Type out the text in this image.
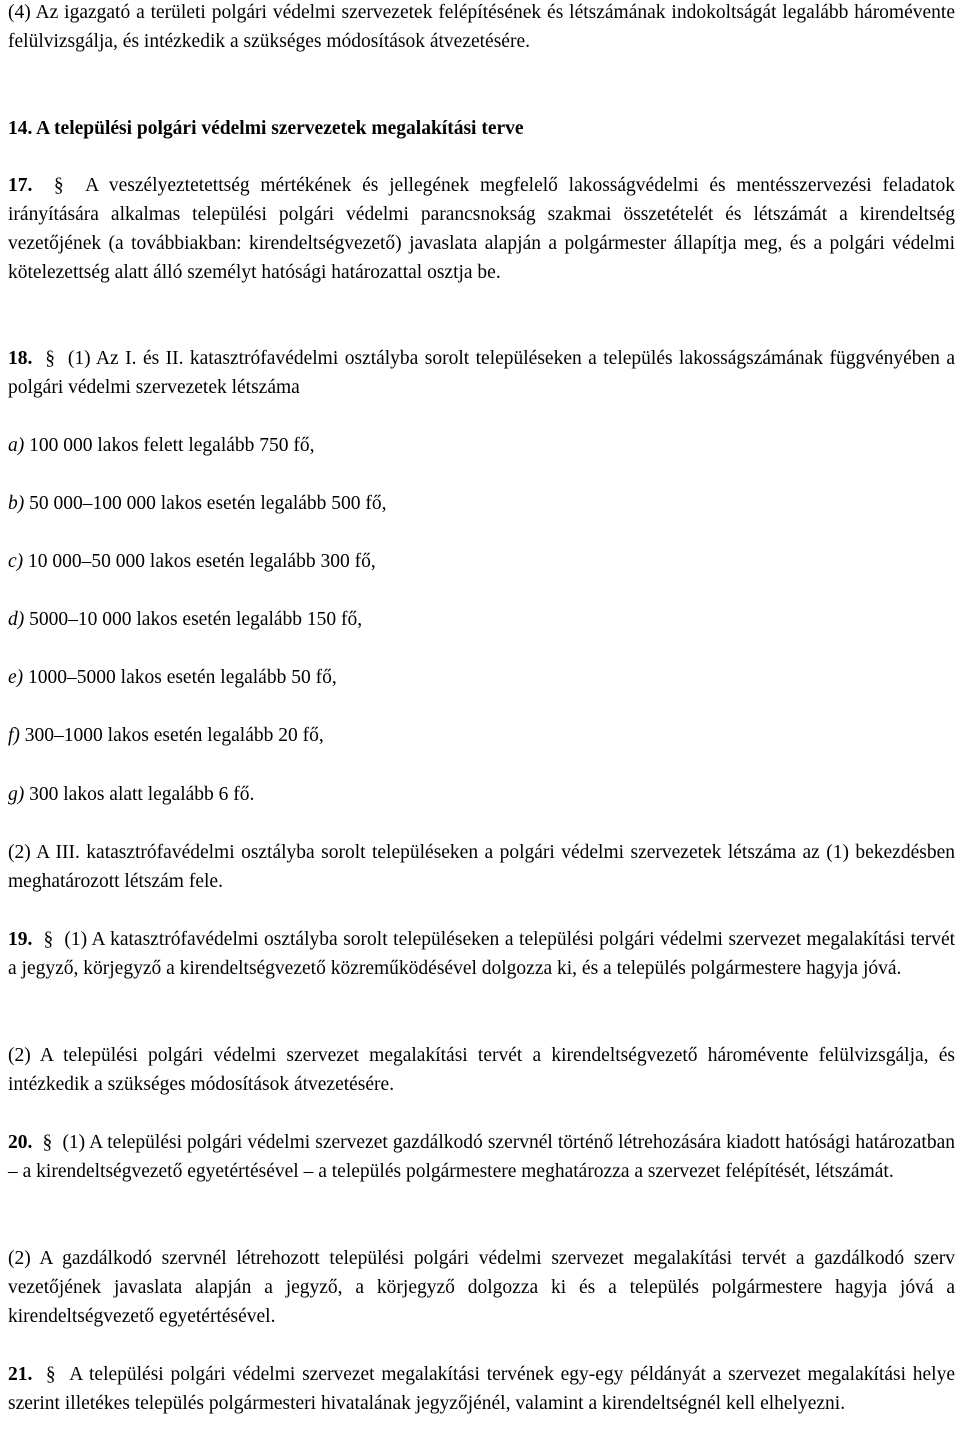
(4) Az igazgató a területi polgári védelmi szervezetek felépítésének és létszámának indokoltságát legalább háromévente felülvizsgálja, és intézkedik a szükséges módosítások átvezetésére.

14. A települési polgári védelmi szervezetek megalakítási terve

17. § A veszélyeztetettség mértékének és jellegének megfelelő lakosságvédelmi és mentésszervezési feladatok irányítására alkalmas települési polgári védelmi parancsnokság szakmai összetételét és létszámát a kirendeltség vezetőjének (a továbbiakban: kirendeltségvezető) javaslata alapján a polgármester állapítja meg, és a polgári védelmi kötelezettség alatt álló személyt hatósági határozattal osztja be.

18. § (1) Az I. és II. katasztrófavédelmi osztályba sorolt településeken a település lakosságszámának függvényében a polgári védelmi szervezetek létszáma

a) 100 000 lakos felett legalább 750 fő,

b) 50 000–100 000 lakos esetén legalább 500 fő,

c) 10 000–50 000 lakos esetén legalább 300 fő,

d) 5000–10 000 lakos esetén legalább 150 fő,

e) 1000–5000 lakos esetén legalább 50 fő,

f) 300–1000 lakos esetén legalább 20 fő,

g) 300 lakos alatt legalább 6 fő.

(2) A III. katasztrófavédelmi osztályba sorolt településeken a polgári védelmi szervezetek létszáma az (1) bekezdésben meghatározott létszám fele.

19. § (1) A katasztrófavédelmi osztályba sorolt településeken a települési polgári védelmi szervezet megalakítási tervét a jegyző, körjegyző a kirendeltségvezető közreműködésével dolgozza ki, és a település polgármestere hagyja jóvá.

(2) A települési polgári védelmi szervezet megalakítási tervét a kirendeltségvezető háromévente felülvizsgálja, és intézkedik a szükséges módosítások átvezetésére.

20. § (1) A települési polgári védelmi szervezet gazdálkodó szervnél történő létrehozására kiadott hatósági határozatban – a kirendeltségvezető egyetértésével – a település polgármestere meghatározza a szervezet felépítését, létszámát.

(2) A gazdálkodó szervnél létrehozott települési polgári védelmi szervezet megalakítási tervét a gazdálkodó szerv vezetőjének javaslata alapján a jegyző, a körjegyző dolgozza ki és a település polgármestere hagyja jóvá a kirendeltségvezető egyetértésével.

21. § A települési polgári védelmi szervezet megalakítási tervének egy-egy példányát a szervezet megalakítási helye szerint illetékes település polgármesteri hivatalának jegyzőjénél, valamint a kirendeltségnél kell elhelyezni.
